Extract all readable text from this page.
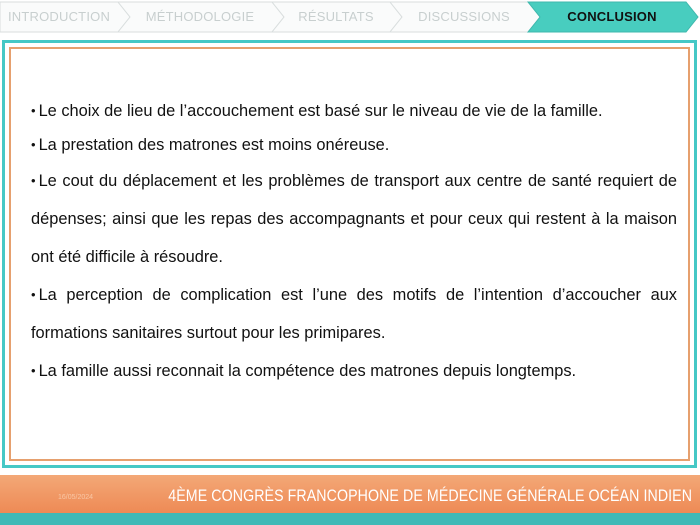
INTRODUCTION	MÉTHODOLOGIE	RÉSULTATS	DISCUSSIONS	CONCLUSION

• Le choix de lieu de l’accouchement est basé sur le niveau de vie de la famille.

• La prestation des matrones est moins onéreuse.

• Le cout du déplacement et les problèmes de transport aux centre de santé requiert de dépenses; ainsi que les repas des accompagnants et pour ceux qui restent à la maison ont été difficile à résoudre.

• La perception de complication est l’une des motifs de l’intention d’accoucher aux formations sanitaires surtout pour les primipares.

• La famille aussi reconnait la compétence des matrones depuis longtemps.

16/05/2024	4ÈME CONGRÈS FRANCOPHONE DE MÉDECINE GÉNÉRALE OCÉAN INDIEN
